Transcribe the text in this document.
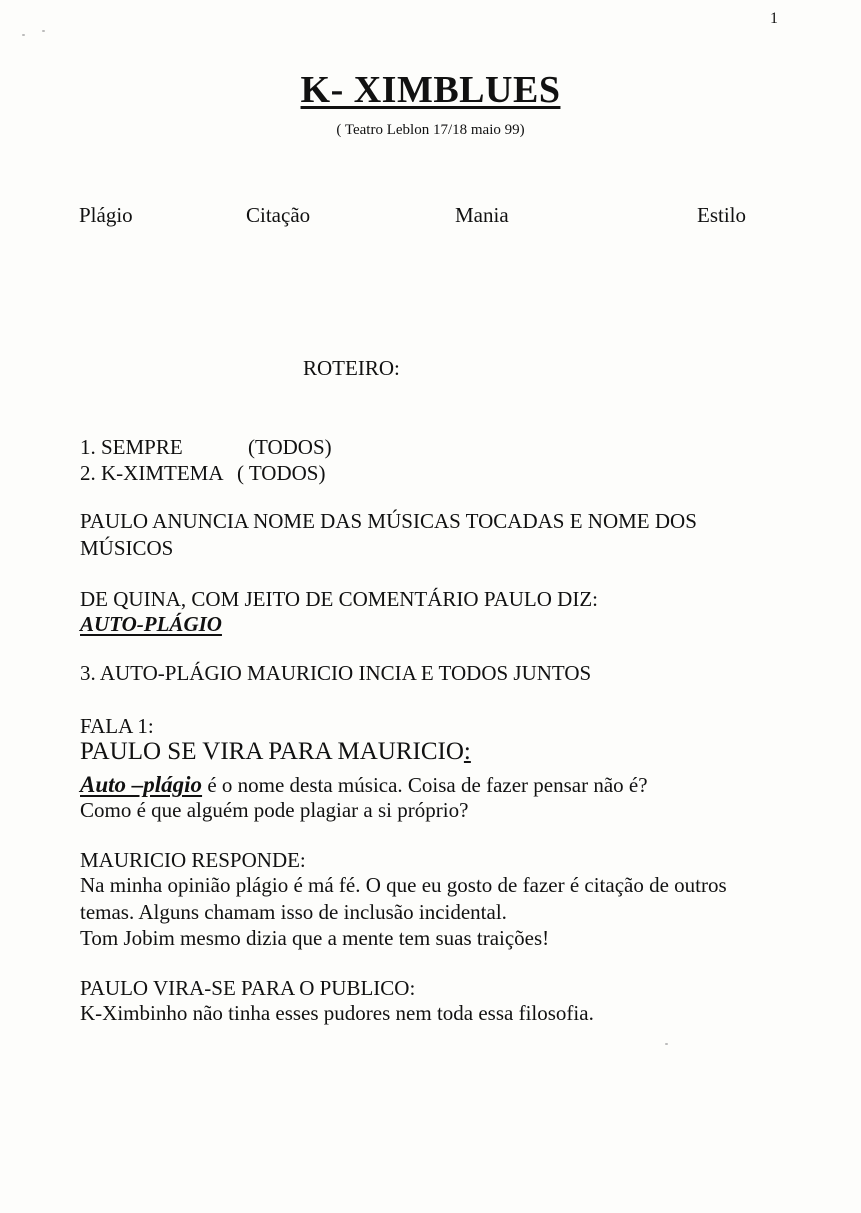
1
K- XIMBLUES
( Teatro Leblon 17/18 maio 99)
Plágio	Citação	Mania	Estilo
ROTEIRO:
1. SEMPRE	(TODOS)
2. K-XIMTEMA ( TODOS)
PAULO ANUNCIA NOME DAS MÚSICAS TOCADAS E NOME DOS
MÚSICOS
DE QUINA, COM JEITO DE COMENTÁRIO PAULO DIZ:
AUTO-PLÁGIO
3. AUTO-PLÁGIO MAURICIO INCIA E TODOS JUNTOS
FALA 1:
PAULO SE VIRA PARA MAURICIO:
Auto –plágio é o nome desta música. Coisa de fazer pensar não é?
Como é que alguém pode plagiar a si próprio?
MAURICIO RESPONDE:
Na minha opinião plágio é má fé. O que eu gosto de fazer é citação de outros
temas. Alguns chamam isso de inclusão incidental.
Tom Jobim mesmo dizia que a mente tem suas traições!
PAULO VIRA-SE PARA O PUBLICO:
K-Ximbinho não tinha esses pudores nem toda essa filosofia.
